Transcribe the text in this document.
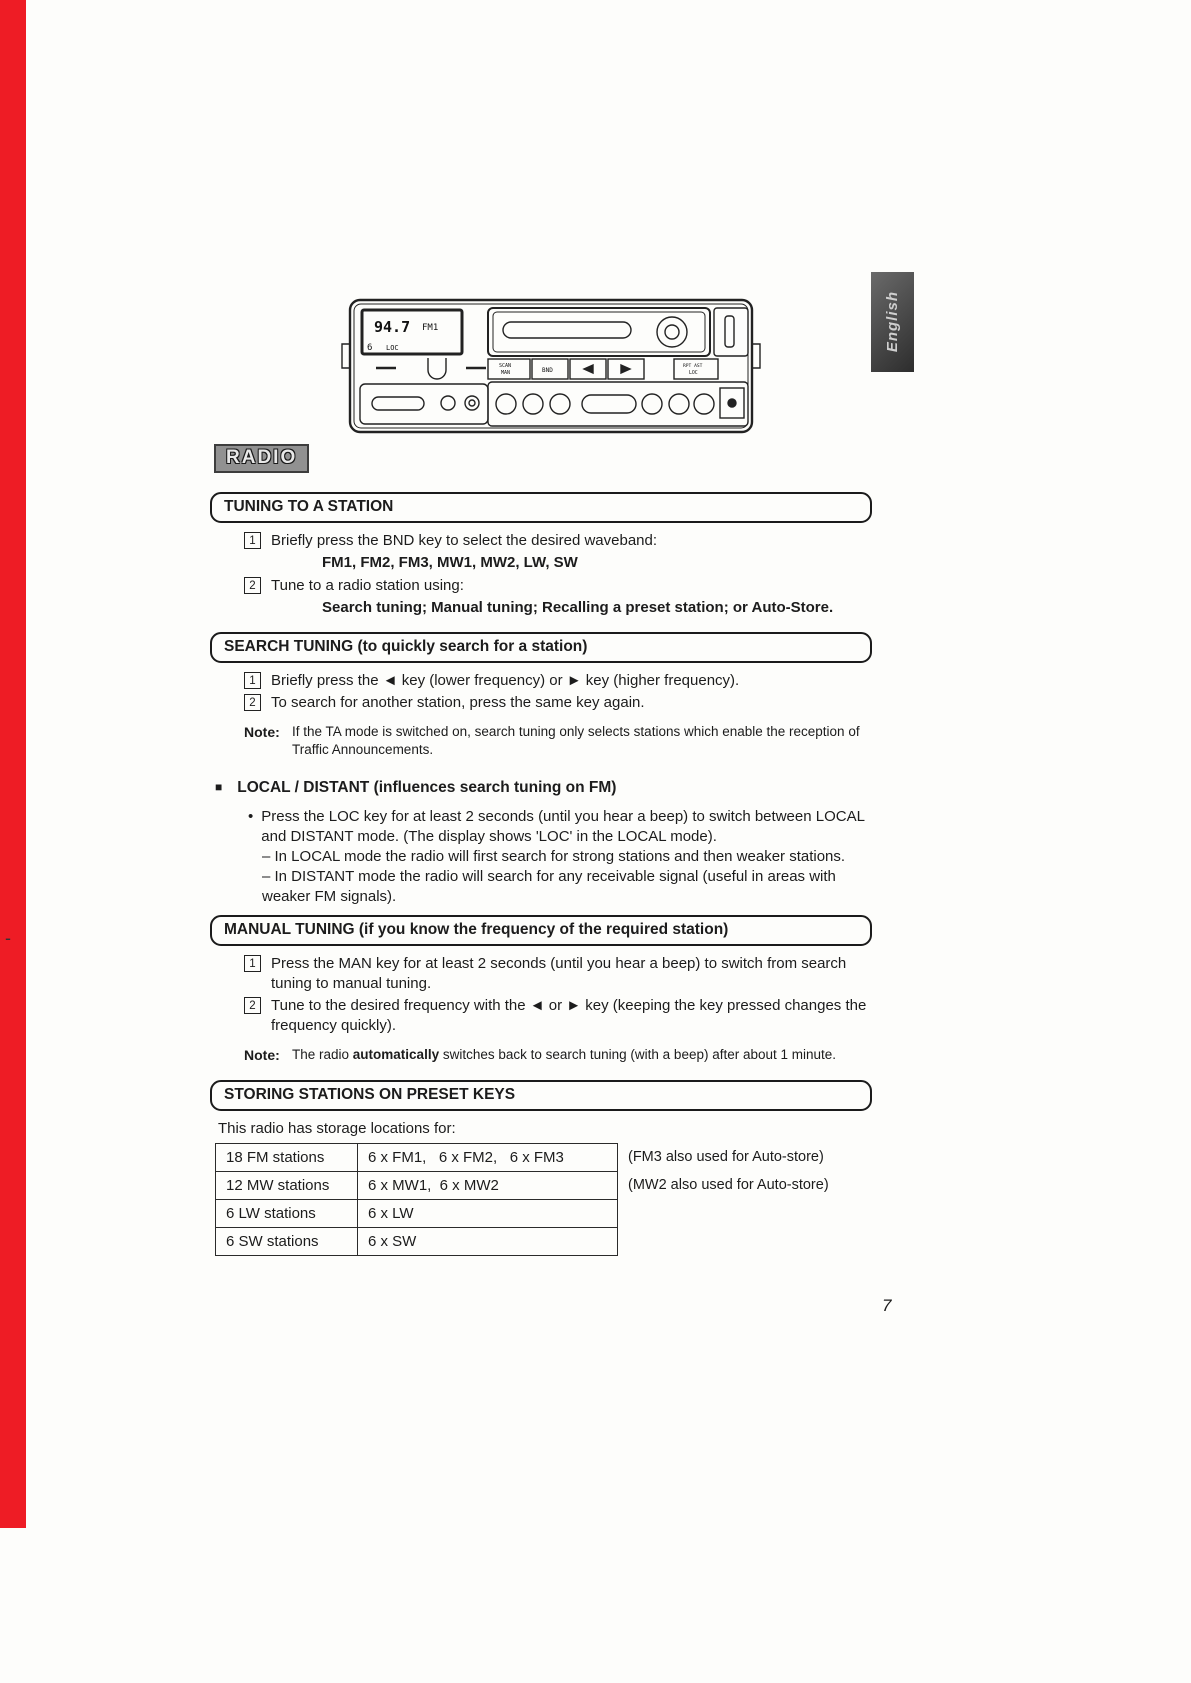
-
94.7 FM1
6 LOC
SCAN
MAN	BND
RPT AST
LOC
English
RADIO
TUNING TO A STATION
1	Briefly press the BND key to select the desired waveband:
FM1, FM2, FM3, MW1, MW2, LW, SW
2	Tune to a radio station using:
Search tuning; Manual tuning; Recalling a preset station; or Auto-Store.
SEARCH TUNING (to quickly search for a station)
1	Briefly press the ◄ key (lower frequency) or ► key (higher frequency).
2	To search for another station, press the same key again.
Note: If the TA mode is switched on, search tuning only selects stations which enable the reception of Traffic Announcements.
■ LOCAL / DISTANT (influences search tuning on FM)
• Press the LOC key for at least 2 seconds (until you hear a beep) to switch between LOCAL and DISTANT mode. (The display shows 'LOC' in the LOCAL mode).
– In LOCAL mode the radio will first search for strong stations and then weaker stations.
– In DISTANT mode the radio will search for any receivable signal (useful in areas with weaker FM signals).
MANUAL TUNING (if you know the frequency of the required station)
1	Press the MAN key for at least 2 seconds (until you hear a beep) to switch from search tuning to manual tuning.
2	Tune to the desired frequency with the ◄ or ► key (keeping the key pressed changes the frequency quickly).
Note: The radio automatically switches back to search tuning (with a beep) after about 1 minute.
STORING STATIONS ON PRESET KEYS
This radio has storage locations for:
18 FM stations	6 x FM1,   6 x FM2,   6 x FM3
12 MW stations	6 x MW1,  6 x MW2
6 LW stations	6 x LW
6 SW stations	6 x SW
(FM3 also used for Auto-store)
(MW2 also used for Auto-store)
7
